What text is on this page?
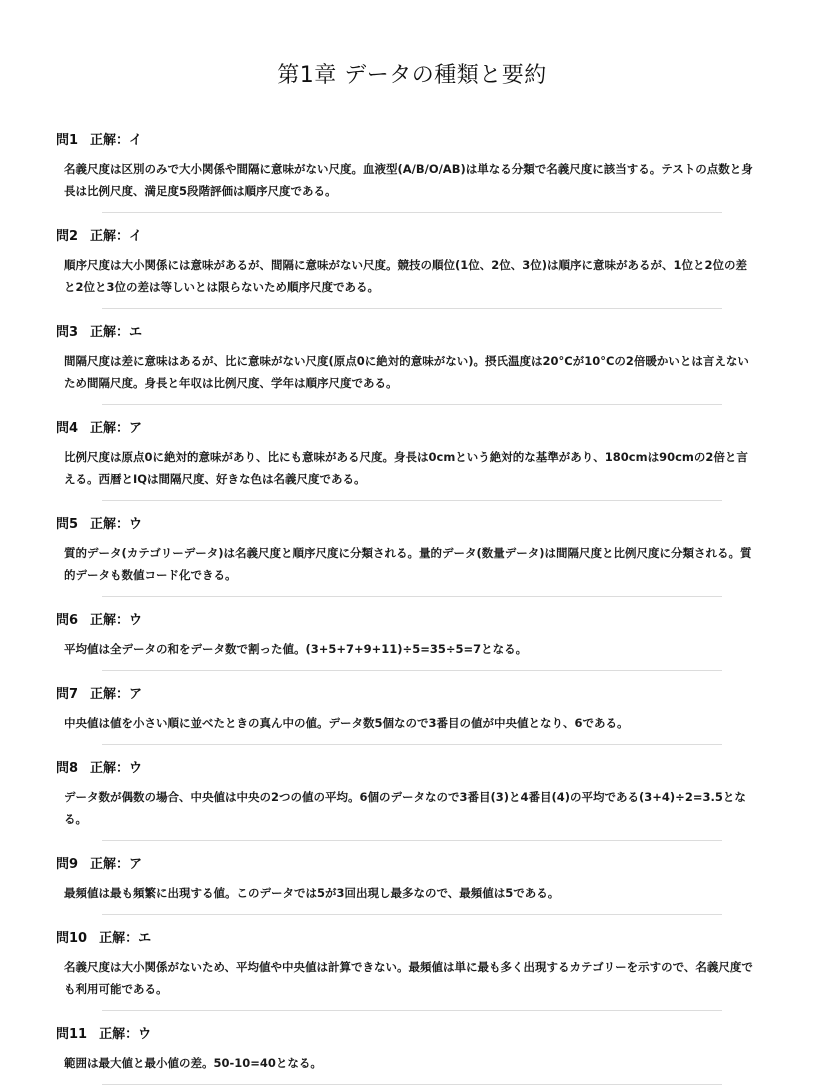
第1章 データの種類と要約
問1 正解：イ
名義尺度は区別のみで大小関係や間隔に意味がない尺度。血液型(A/B/O/AB)は単なる分類で名義尺度に該当する。テストの点数と身長は比例尺度、満足度5段階評価は順序尺度である。
問2 正解：イ
順序尺度は大小関係には意味があるが、間隔に意味がない尺度。競技の順位(1位、2位、3位)は順序に意味があるが、1位と2位の差と2位と3位の差は等しいとは限らないため順序尺度である。
問3 正解：エ
間隔尺度は差に意味はあるが、比に意味がない尺度(原点0に絶対的意味がない)。摂氏温度は20°Cが10°Cの2倍暖かいとは言えないため間隔尺度。身長と年収は比例尺度、学年は順序尺度である。
問4 正解：ア
比例尺度は原点0に絶対的意味があり、比にも意味がある尺度。身長は0cmという絶対的な基準があり、180cmは90cmの2倍と言える。西暦とIQは間隔尺度、好きな色は名義尺度である。
問5 正解：ウ
質的データ(カテゴリーデータ)は名義尺度と順序尺度に分類される。量的データ(数量データ)は間隔尺度と比例尺度に分類される。質的データも数値コード化できる。
問6 正解：ウ
平均値は全データの和をデータ数で割った値。(3+5+7+9+11)÷5=35÷5=7となる。
問7 正解：ア
中央値は値を小さい順に並べたときの真ん中の値。データ数5個なので3番目の値が中央値となり、6である。
問8 正解：ウ
データ数が偶数の場合、中央値は中央の2つの値の平均。6個のデータなので3番目(3)と4番目(4)の平均である(3+4)÷2=3.5となる。
問9 正解：ア
最頻値は最も頻繁に出現する値。このデータでは5が3回出現し最多なので、最頻値は5である。
問10 正解：エ
名義尺度は大小関係がないため、平均値や中央値は計算できない。最頻値は単に最も多く出現するカテゴリーを示すので、名義尺度でも利用可能である。
問11 正解：ウ
範囲は最大値と最小値の差。50-10=40となる。
